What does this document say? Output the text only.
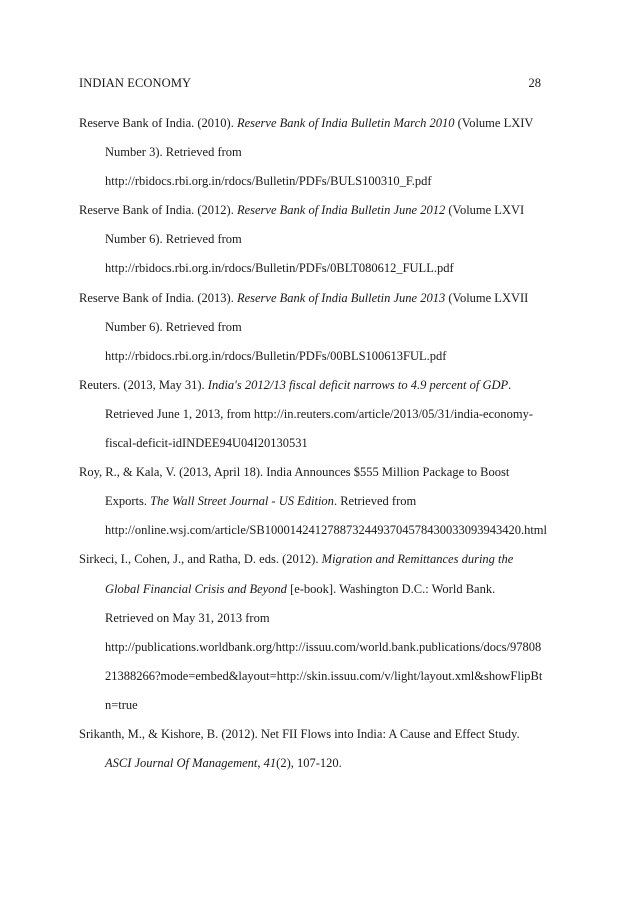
INDIAN ECONOMY	28
Reserve Bank of India. (2010). Reserve Bank of India Bulletin March 2010 (Volume LXIV
Number 3). Retrieved from
http://rbidocs.rbi.org.in/rdocs/Bulletin/PDFs/BULS100310_F.pdf
Reserve Bank of India. (2012). Reserve Bank of India Bulletin June 2012 (Volume LXVI
Number 6). Retrieved from
http://rbidocs.rbi.org.in/rdocs/Bulletin/PDFs/0BLT080612_FULL.pdf
Reserve Bank of India. (2013). Reserve Bank of India Bulletin June 2013 (Volume LXVII
Number 6). Retrieved from
http://rbidocs.rbi.org.in/rdocs/Bulletin/PDFs/00BLS100613FUL.pdf
Reuters. (2013, May 31). India's 2012/13 fiscal deficit narrows to 4.9 percent of GDP.
Retrieved June 1, 2013, from http://in.reuters.com/article/2013/05/31/india-economy-
fiscal-deficit-idINDEE94U04I20130531
Roy, R., & Kala, V. (2013, April 18). India Announces $555 Million Package to Boost
Exports. The Wall Street Journal - US Edition. Retrieved from
http://online.wsj.com/article/SB10001424127887324493704578430033093943420.html
Sirkeci, I., Cohen, J., and Ratha, D. eds. (2012). Migration and Remittances during the
Global Financial Crisis and Beyond [e-book]. Washington D.C.: World Bank.
Retrieved on May 31, 2013 from
http://publications.worldbank.org/http://issuu.com/world.bank.publications/docs/97808
21388266?mode=embed&layout=http://skin.issuu.com/v/light/layout.xml&showFlipBt
n=true
Srikanth, M., & Kishore, B. (2012). Net FII Flows into India: A Cause and Effect Study.
ASCI Journal Of Management, 41(2), 107-120.
